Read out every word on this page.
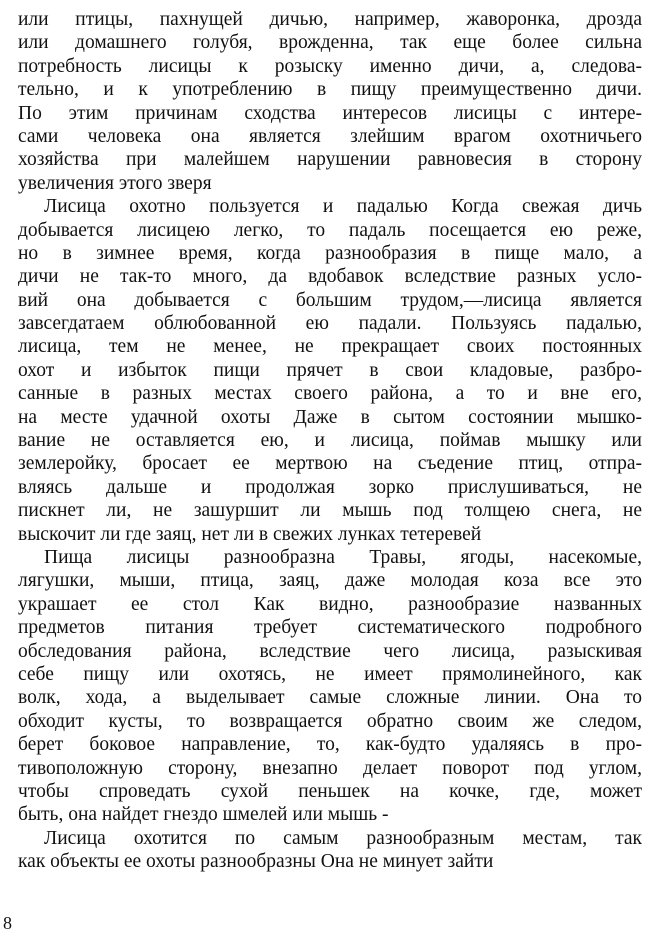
или птицы, пахнущей дичью, например, жаворонка, дрозда
или домашнего голубя, врожденна, так еще более сильна
потребность лисицы к розыску именно дичи, а, следова-
тельно, и к употреблению в пищу преимущественно дичи.
По этим причинам сходства интересов лисицы с интере-
сами человека она является злейшим врагом охотничьего
хозяйства при малейшем нарушении равновесия в сторону
увеличения этого зверя
Лисица охотно пользуется и падалью Когда свежая дичь
добывается лисицею легко, то падаль посещается ею реже,
но в зимнее время, когда разнообразия в пище мало, а
дичи не так-то много, да вдобавок вследствие разных усло-
вий она добывается с большим трудом,—лисица является
завсегдатаем облюбованной ею падали. Пользуясь падалью,
лисица, тем не менее, не прекращает своих постоянных
охот и избыток пищи прячет в свои кладовые, разбро-
санные в разных местах своего района, а то и вне его,
на месте удачной охоты Даже в сытом состоянии мышко-
вание не оставляется ею, и лисица, поймав мышку или
землеройку, бросает ее мертвою на съедение птиц, отпра-
вляясь дальше и продолжая зорко прислушиваться, не
пискнет ли, не зашуршит ли мышь под толщею снега, не
выскочит ли где заяц, нет ли в свежих лунках тетеревей
Пища лисицы разнообразна Травы, ягоды, насекомые,
лягушки, мыши, птица, заяц, даже молодая коза все это
украшает ее стол Как видно, разнообразие названных
предметов питания требует систематического подробного
обследования района, вследствие чего лисица, разыскивая
себе пищу или охотясь, не имеет прямолинейного, как
волк, хода, а выделывает самые сложные линии. Она то
обходит кусты, то возвращается обратно своим же следом,
берет боковое направление, то, как-будто удаляясь в про-
тивоположную сторону, внезапно делает поворот под углом,
чтобы спроведать сухой пеньшек на кочке, где, может
быть, она найдет гнездо шмелей или мышь -
Лисица охотится по самым разнообразным местам, так
как объекты ее охоты разнообразны Она не минует зайти
8
